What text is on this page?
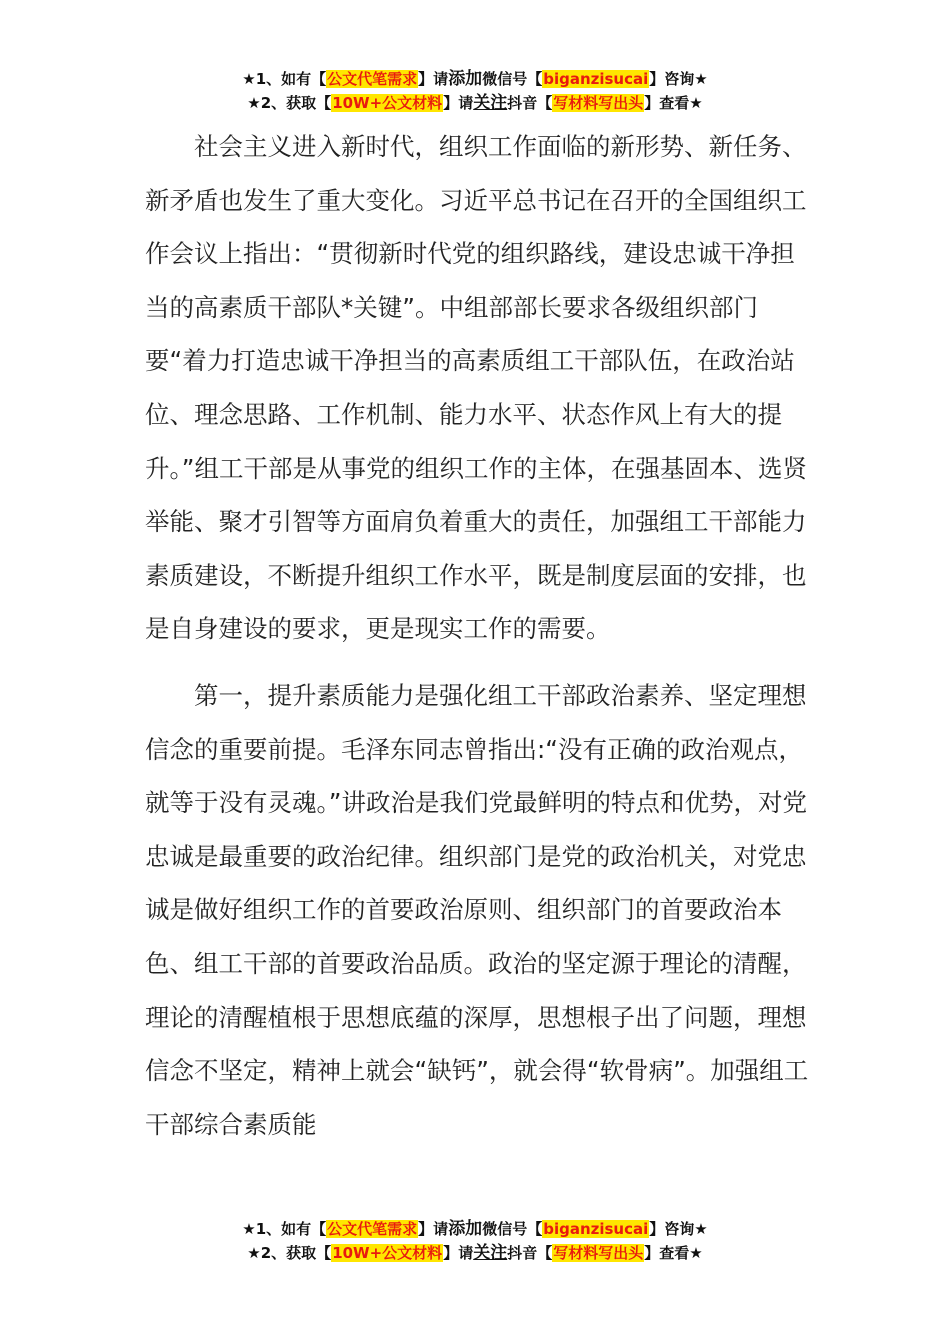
★1、如有【公文代笔需求】请添加微信号【biganzisucai】咨询★
★2、获取【10W+公文材料】请关注抖音【写材料写出头】查看★

社会主义进入新时代，组织工作面临的新形势、新任务、新矛盾也发生了重大变化。习近平总书记在召开的全国组织工作会议上指出：“贯彻新时代党的组织路线，建设忠诚干净担当的高素质干部队*关键”。中组部部长要求各级组织部门要“着力打造忠诚干净担当的高素质组工干部队伍，在政治站位、理念思路、工作机制、能力水平、状态作风上有大的提升。”组工干部是从事党的组织工作的主体，在强基固本、选贤举能、聚才引智等方面肩负着重大的责任，加强组工干部能力素质建设，不断提升组织工作水平，既是制度层面的安排，也是自身建设的要求，更是现实工作的需要。

第一，提升素质能力是强化组工干部政治素养、坚定理想信念的重要前提。毛泽东同志曾指出:“没有正确的政治观点，就等于没有灵魂。”讲政治是我们党最鲜明的特点和优势，对党忠诚是最重要的政治纪律。组织部门是党的政治机关，对党忠诚是做好组织工作的首要政治原则、组织部门的首要政治本色、组工干部的首要政治品质。政治的坚定源于理论的清醒，理论的清醒植根于思想底蕴的深厚，思想根子出了问题，理想信念不坚定，精神上就会“缺钙”，就会得“软骨病”。加强组工干部综合素质能

★1、如有【公文代笔需求】请添加微信号【biganzisucai】咨询★
★2、获取【10W+公文材料】请关注抖音【写材料写出头】查看★
